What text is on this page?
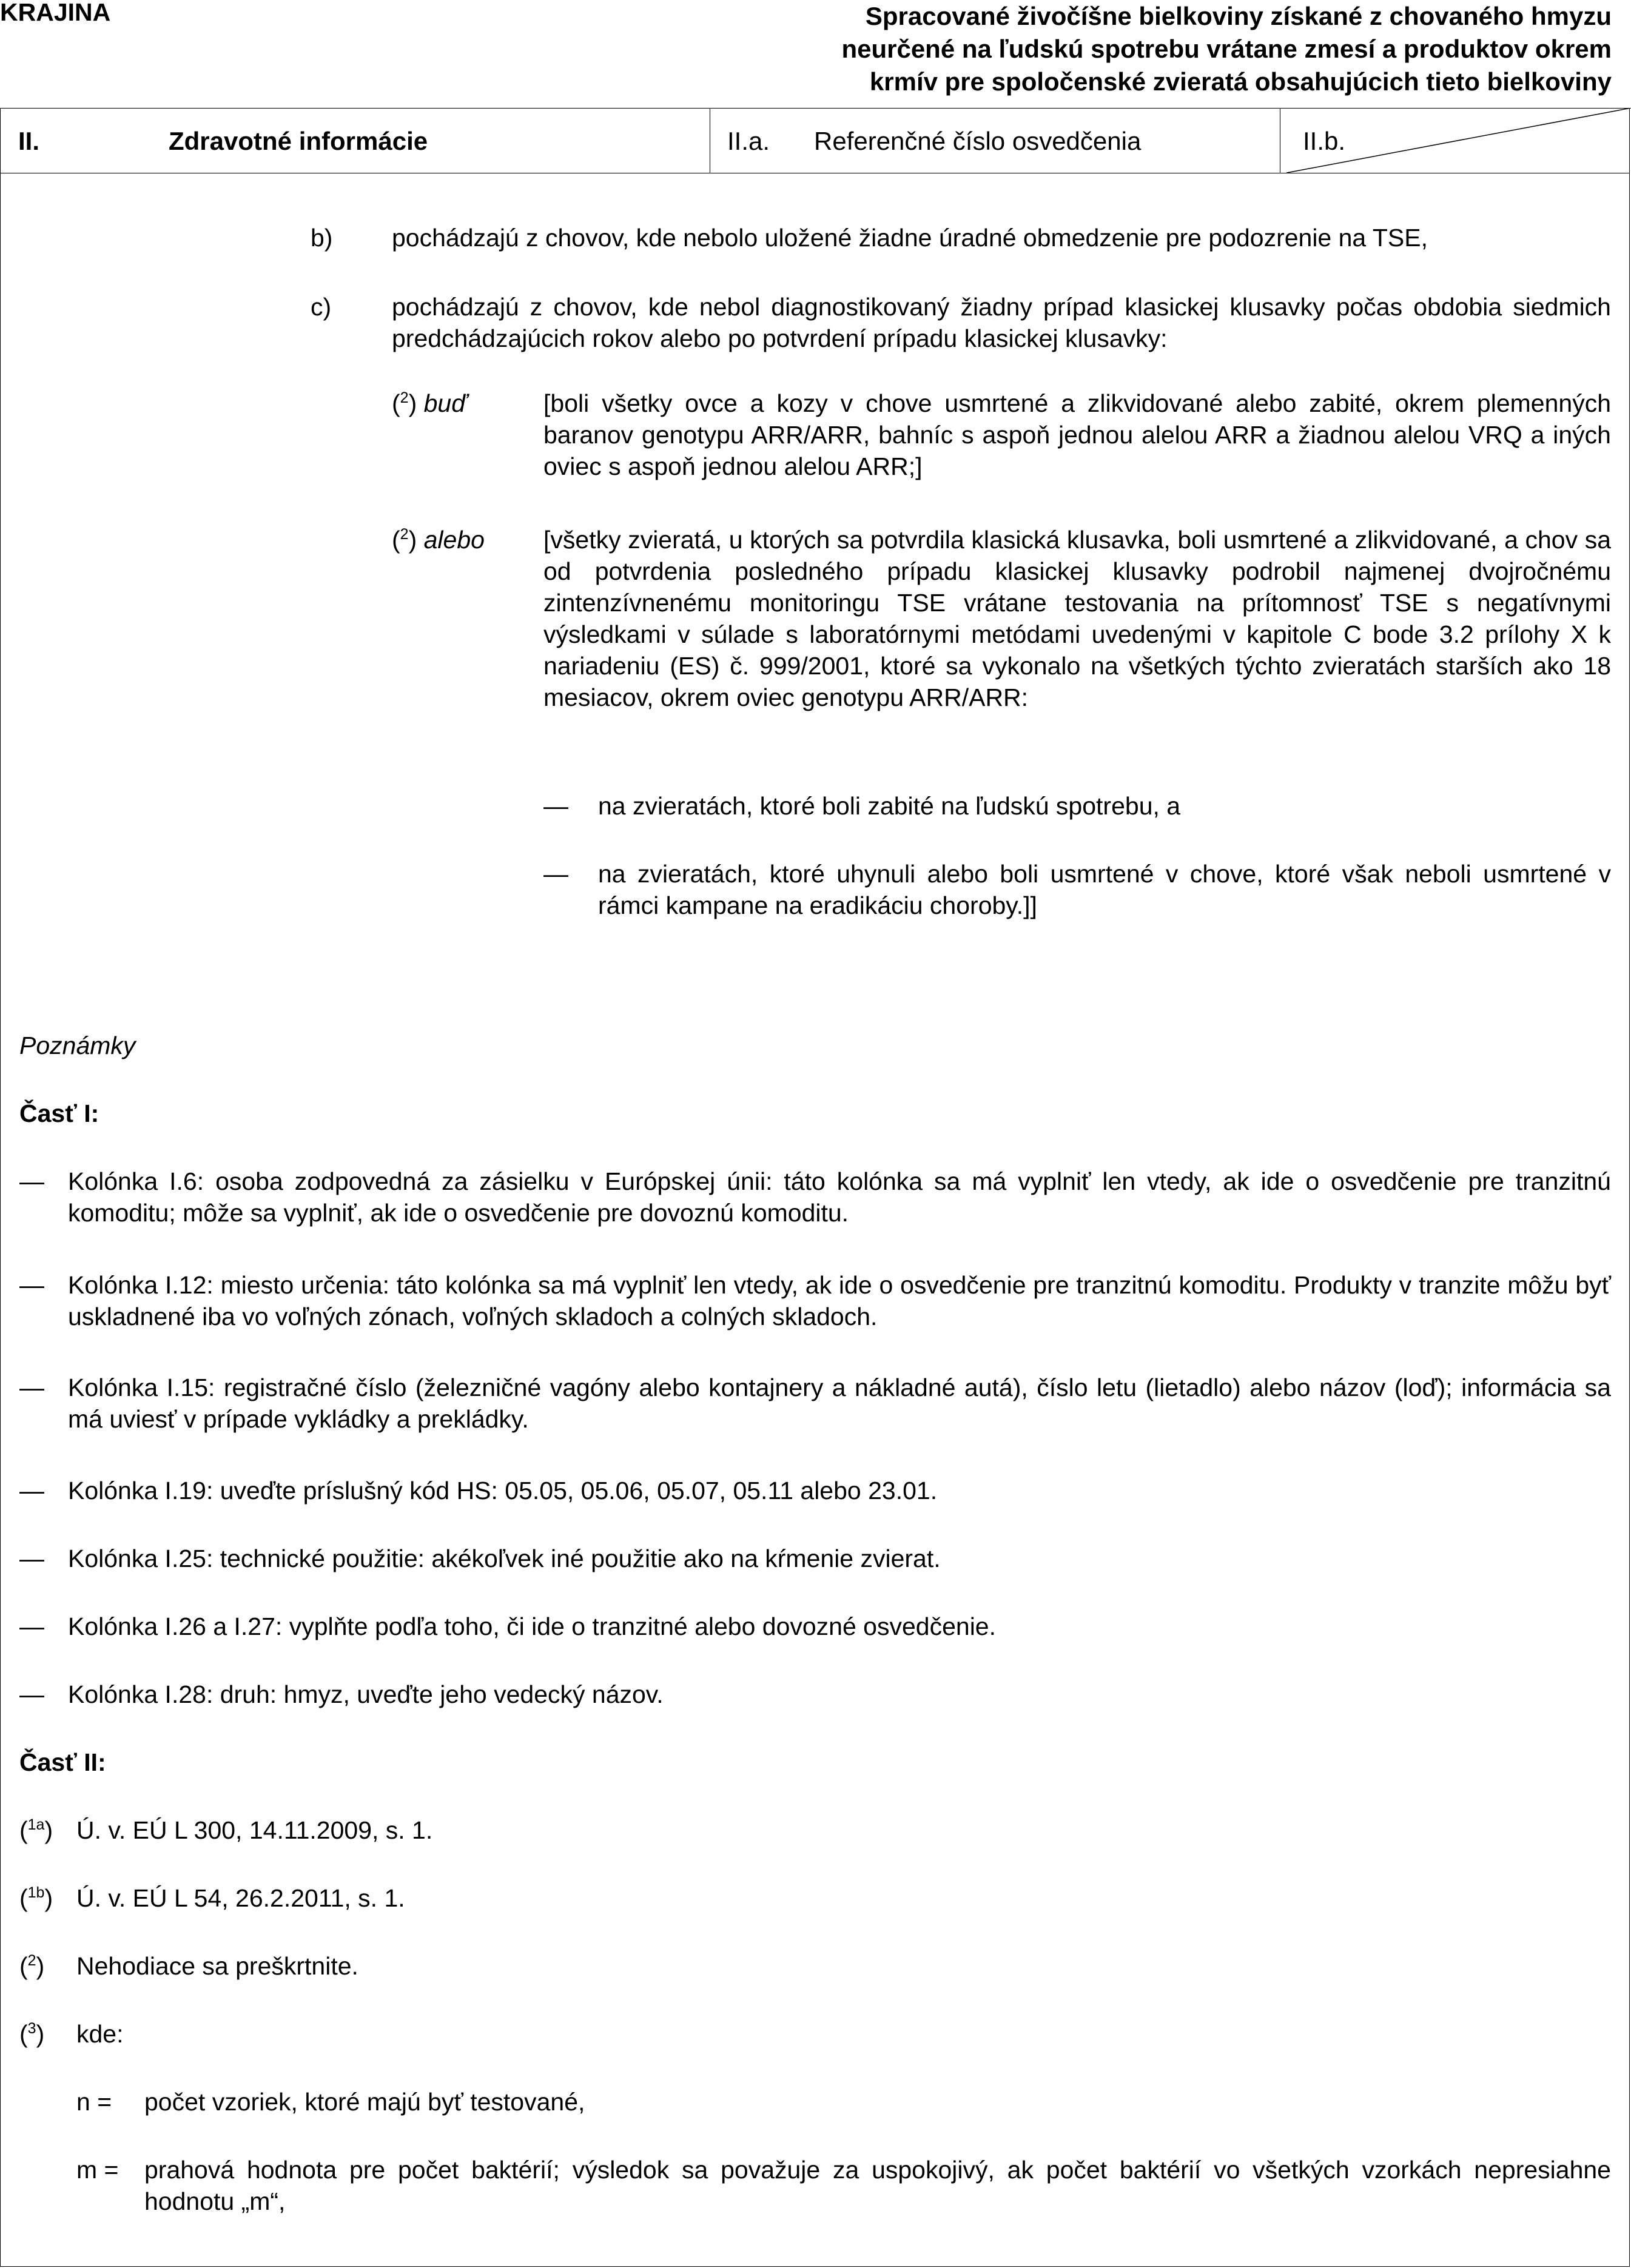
KRAJINA	Spracované živočíšne bielkoviny získané z chovaného hmyzu
neurčené na ľudskú spotrebu vrátane zmesí a produktov okrem
krmív pre spoločenské zvieratá obsahujúcich tieto bielkoviny
II.	Zdravotné informácie	II.a. Referenčné číslo osvedčenia	II.b.
b) pochádzajú z chovov, kde nebolo uložené žiadne úradné obmedzenie pre podozrenie na TSE,
c) pochádzajú z chovov, kde nebol diagnostikovaný žiadny prípad klasickej klusavky počas obdobia siedmich predchádzajúcich rokov alebo po potvrdení prípadu klasickej klusavky:
($^2$) buď	[boli všetky ovce a kozy v chove usmrtené a zlikvidované alebo zabité, okrem plemenných baranov genotypu ARR/ARR, bahníc s aspoň jednou alelou ARR a žiadnou alelou VRQ a iných oviec s aspoň jednou alelou ARR;]
($^2$) alebo [všetky zvieratá, u ktorých sa potvrdila klasická klusavka, boli usmrtené a zlikvidované, a chov sa od potvrdenia posledného prípadu klasickej klusavky podrobil najmenej dvojročnému zintenzívnenému monitoringu TSE vrátane testovania na prítomnosť TSE s negatívnymi výsledkami v súlade s laboratórnymi metódami uvedenými v kapitole C bode 3.2 prílohy X k nariadeniu (ES) č. 999/2001, ktoré sa vykonalo na všetkých týchto zvieratách starších ako 18 mesiacov, okrem oviec genotypu ARR/ARR:
— na zvieratách, ktoré boli zabité na ľudskú spotrebu, a
— na zvieratách, ktoré uhynuli alebo boli usmrtené v chove, ktoré však neboli usmrtené v rámci kampane na eradikáciu choroby.]]
Poznámky
Časť I:
— Kolónka I.6: osoba zodpovedná za zásielku v Európskej únii: táto kolónka sa má vyplniť len vtedy, ak ide o osvedčenie pre tranzitnú komoditu; môže sa vyplniť, ak ide o osvedčenie pre dovoznú komoditu.
— Kolónka I.12: miesto určenia: táto kolónka sa má vyplniť len vtedy, ak ide o osvedčenie pre tranzitnú komoditu. Produkty v tranzite môžu byť uskladnené iba vo voľných zónach, voľných skladoch a colných skladoch.
— Kolónka I.15: registračné číslo (železničné vagóny alebo kontajnery a nákladné autá), číslo letu (lietadlo) alebo názov (loď); informácia sa má uviesť v prípade vykládky a prekládky.
— Kolónka I.19: uveďte príslušný kód HS: 05.05, 05.06, 05.07, 05.11 alebo 23.01.
— Kolónka I.25: technické použitie: akékoľvek iné použitie ako na kŕmenie zvierat.
— Kolónka I.26 a I.27: vyplňte podľa toho, či ide o tranzitné alebo dovozné osvedčenie.
— Kolónka I.28: druh: hmyz, uveďte jeho vedecký názov.
Časť II:
($^{1a}$) Ú. v. EÚ L 300, 14.11.2009, s. 1.
($^{1b}$) Ú. v. EÚ L 54, 26.2.2011, s. 1.
($^2$) Nehodiace sa preškrtnite.
($^3$) kde:
n = počet vzoriek, ktoré majú byť testované,
m = prahová hodnota pre počet baktérií; výsledok sa považuje za uspokojivý, ak počet baktérií vo všetkých vzorkách nepresiahne hodnotu „m“,
